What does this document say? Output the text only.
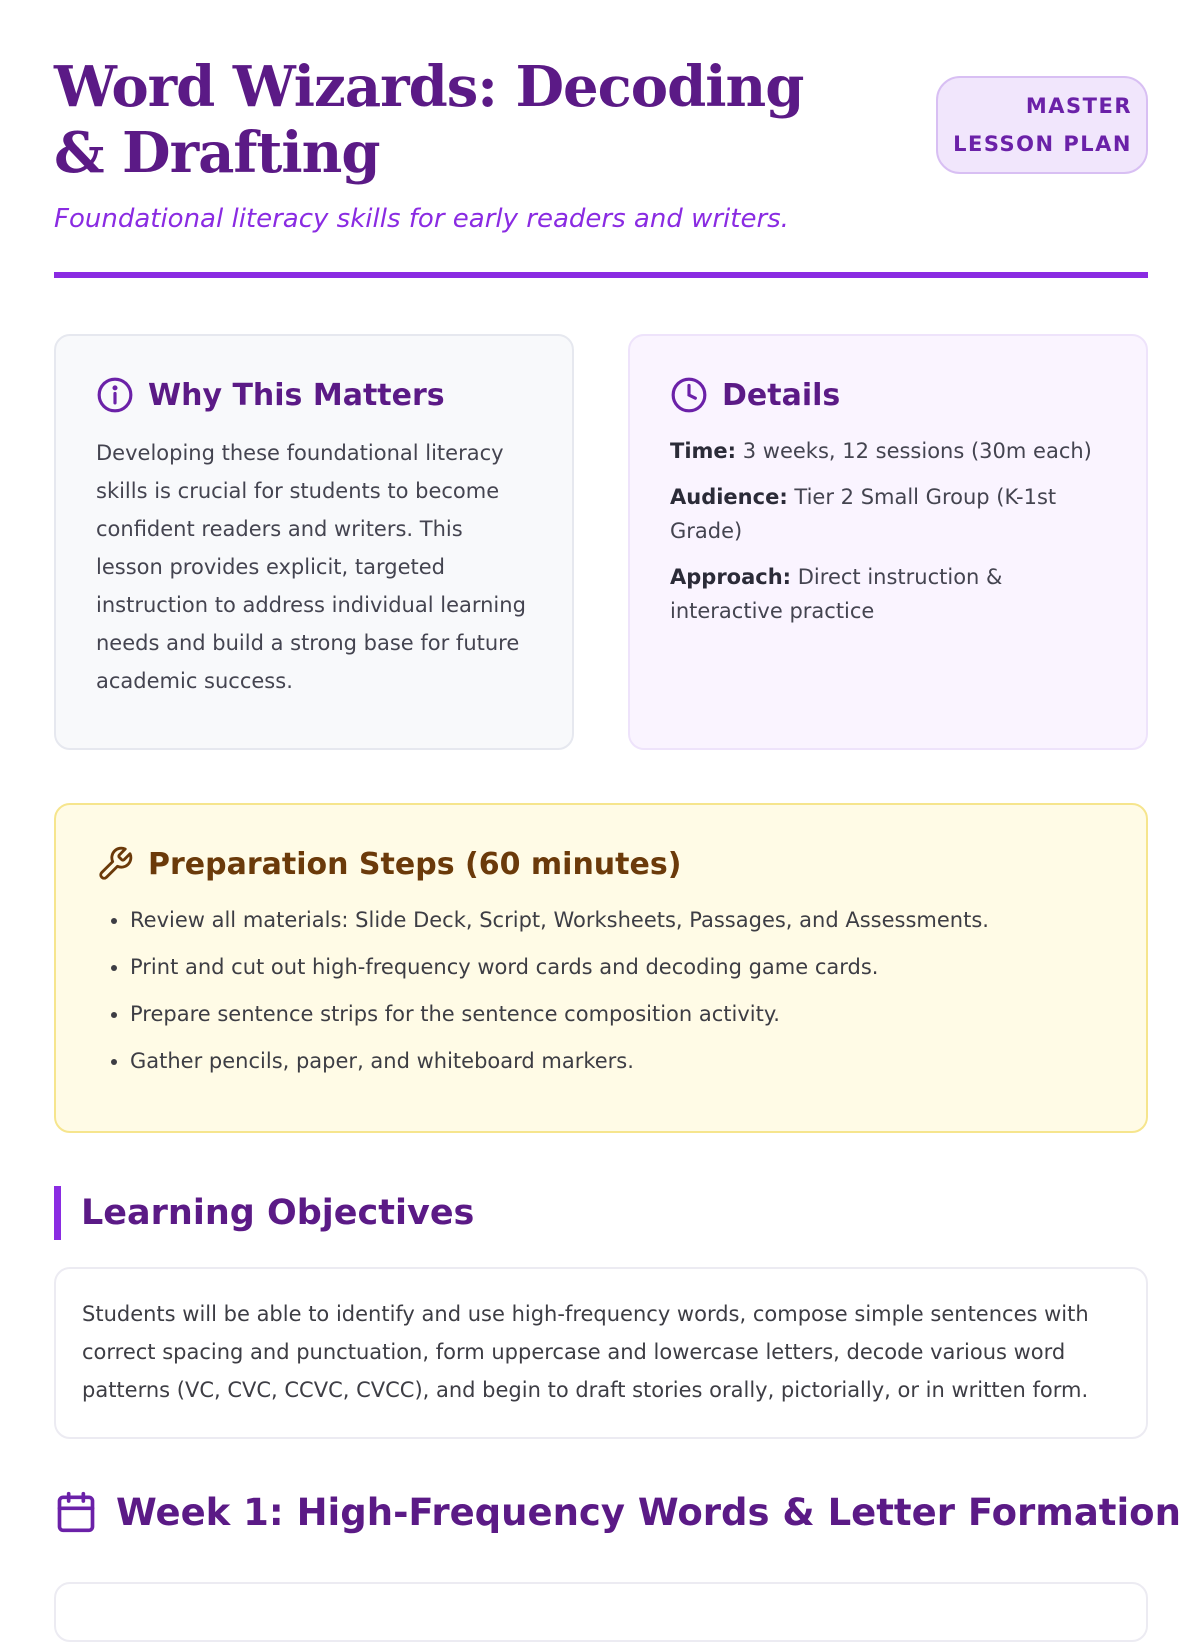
Word Wizards: Decoding & Drafting
MASTER LESSON PLAN

Foundational literacy skills for early readers and writers.

Why This Matters

Developing these foundational literacy skills is crucial for students to become confident readers and writers. This lesson provides explicit, targeted instruction to address individual learning needs and build a strong base for future academic success.

Details

Time: 3 weeks, 12 sessions (30m each)

Audience: Tier 2 Small Group (K-1st Grade)

Approach: Direct instruction & interactive practice

Preparation Steps (60 minutes)
• Review all materials: Slide Deck, Script, Worksheets, Passages, and Assessments.
• Print and cut out high-frequency word cards and decoding game cards.
• Prepare sentence strips for the sentence composition activity.
• Gather pencils, paper, and whiteboard markers.
Learning Objectives

Students will be able to identify and use high-frequency words, compose simple sentences with correct spacing and punctuation, form uppercase and lowercase letters, decode various word patterns (VC, CVC, CCVC, CVCC), and begin to draft stories orally, pictorially, or in written form.

Week 1: High-Frequency Words & Letter Formation
